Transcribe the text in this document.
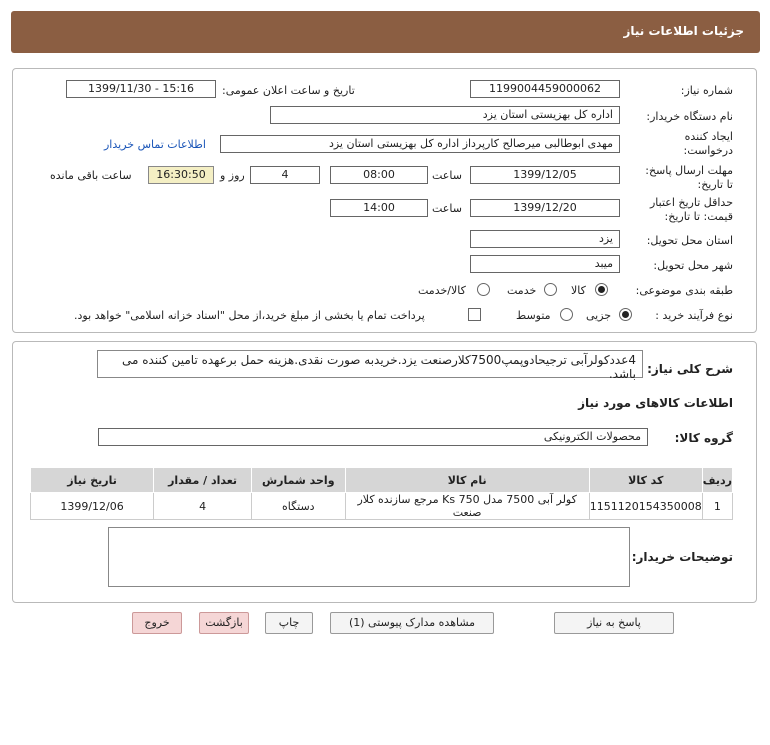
جزئیات اطلاعات نیاز
شماره نیاز:
1199004459000062
تاریخ و ساعت اعلان عمومی:
1399/11/30 - 15:16
نام دستگاه خریدار:
اداره کل بهزیستی استان یزد
ایجاد کننده
درخواست:
مهدی ابوطالبی میرصالح کارپرداز اداره کل بهزیستی استان یزد
اطلاعات تماس خریدار
مهلت ارسال پاسخ:
تا تاریخ:
1399/12/05
ساعت
08:00
4
روز و
16:30:50
ساعت باقی مانده
حداقل تاریخ اعتبار
قیمت: تا تاریخ:
1399/12/20
ساعت
14:00
استان محل تحویل:
یزد
شهر محل تحویل:
میبد
طبقه بندی موضوعی:
کالا
خدمت
کالا/خدمت
نوع فرآیند خرید :
جزیی
متوسط
پرداخت تمام یا بخشی از مبلغ خرید،از محل "اسناد خزانه اسلامی" خواهد بود.
شرح کلی نیاز:
4عددکولرآبی ترجیحادوپمپ7500کلارصنعت یزد.خریدبه صورت نقدی.هزینه حمل برعهده تامین کننده می باشد.
اطلاعات کالاهای مورد نیاز
گروه کالا:
محصولات الکترونیکی
ردیف	کد کالا	نام کالا	واحد شمارش	تعداد / مقدار	تاریخ نیاز
1	1151120154350008	کولر آبی 7500 مدل Ks 750 مرجع سازنده کلار صنعت	دستگاه	4	1399/12/06
توضیحات خریدار:
پاسخ به نیاز
مشاهده مدارک پیوستی (1)
چاپ
بازگشت
خروج
